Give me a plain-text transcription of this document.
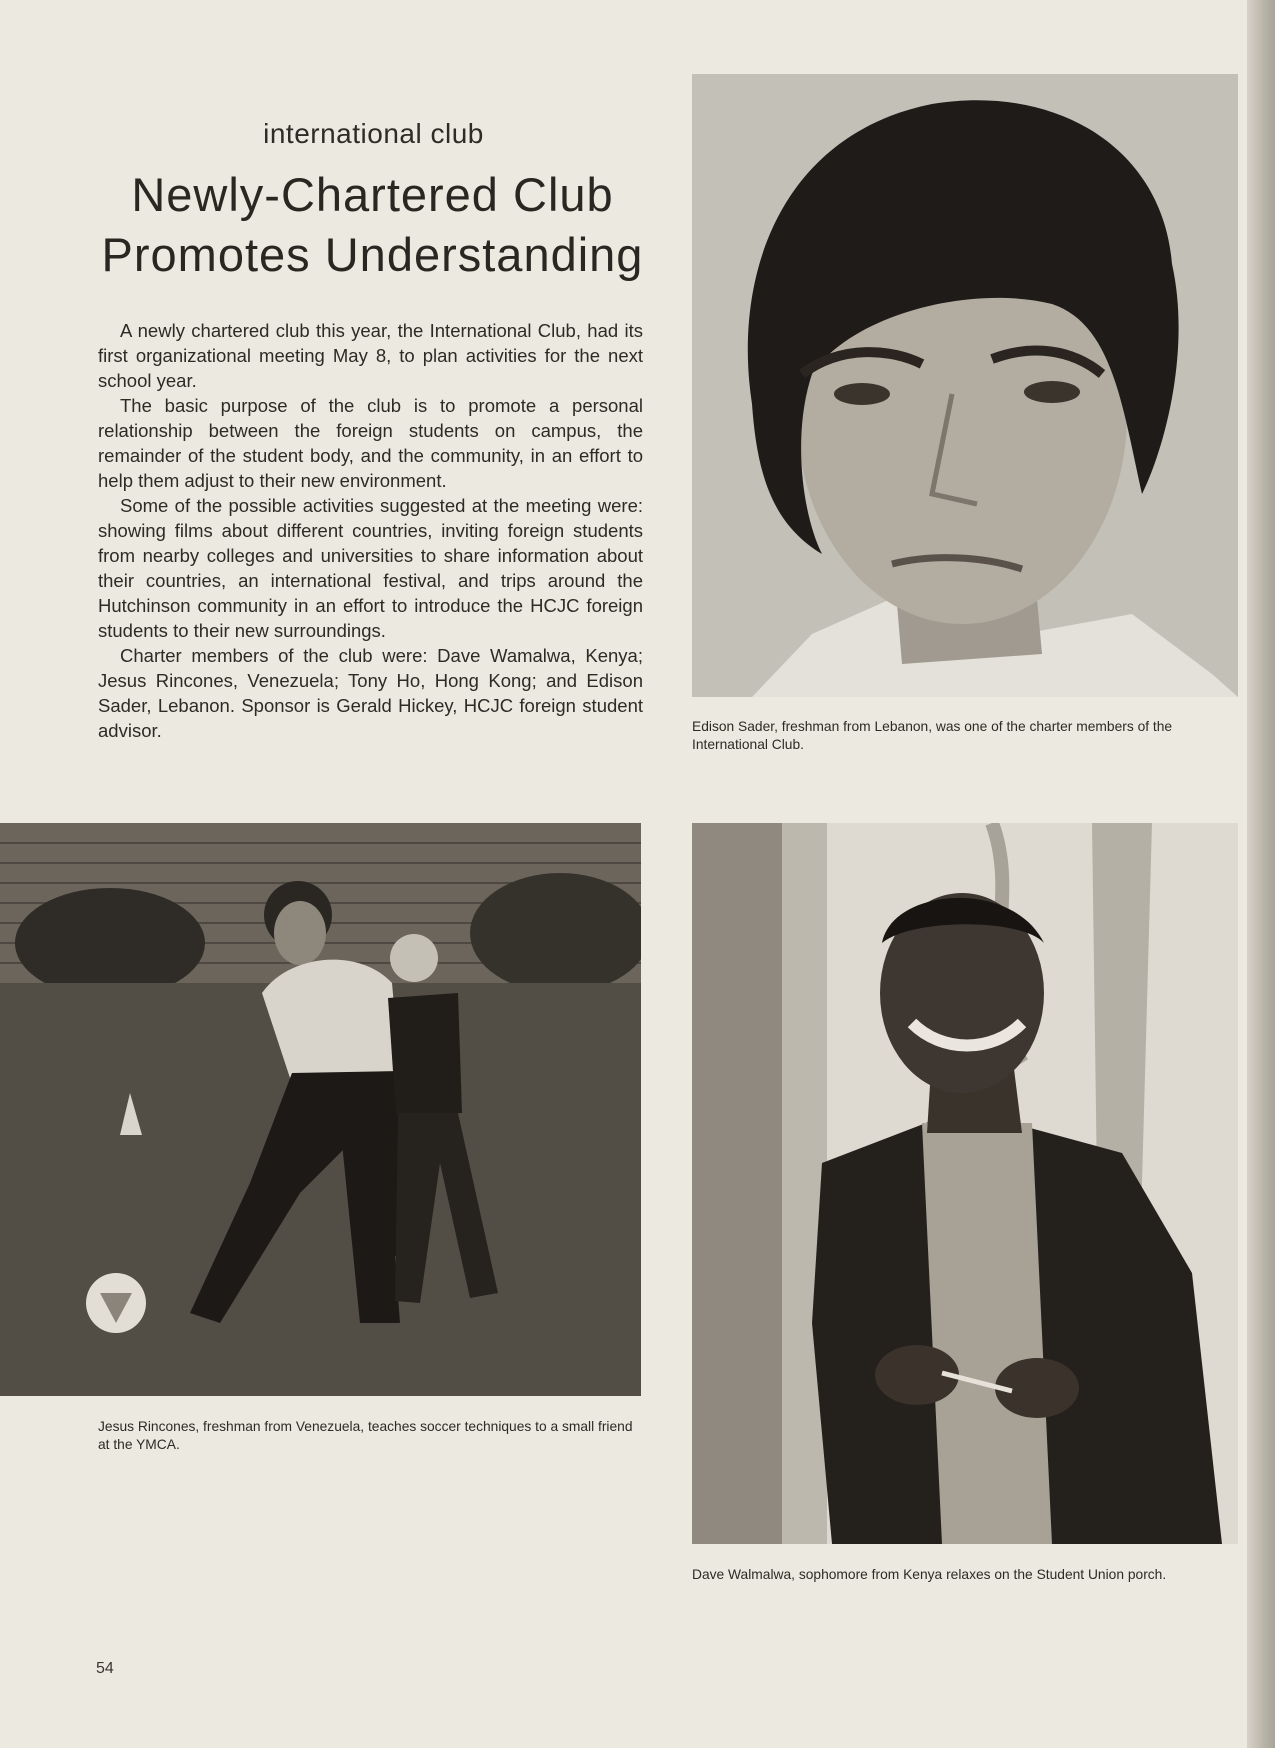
international club
Newly-Chartered Club Promotes Understanding

A newly chartered club this year, the International Club, had its first organizational meeting May 8, to plan activities for the next school year.

The basic purpose of the club is to promote a personal relationship between the foreign students on campus, the remainder of the student body, and the community, in an effort to help them adjust to their new environment.

Some of the possible activities suggested at the meeting were: showing films about different countries, inviting foreign students from nearby colleges and universities to share information about their countries, an international festival, and trips around the Hutchinson community in an effort to introduce the HCJC foreign students to their new surroundings.

Charter members of the club were: Dave Wamalwa, Kenya; Jesus Rincones, Venezuela; Tony Ho, Hong Kong; and Edison Sader, Lebanon. Sponsor is Gerald Hickey, HCJC foreign student advisor.	Edison Sader, freshman from Lebanon, was one of the charter members of the International Club.
Jesus Rincones, freshman from Venezuela, teaches soccer techniques to a small friend at the YMCA.
Dave Walmalwa, sophomore from Kenya relaxes on the Student Union porch.
54
